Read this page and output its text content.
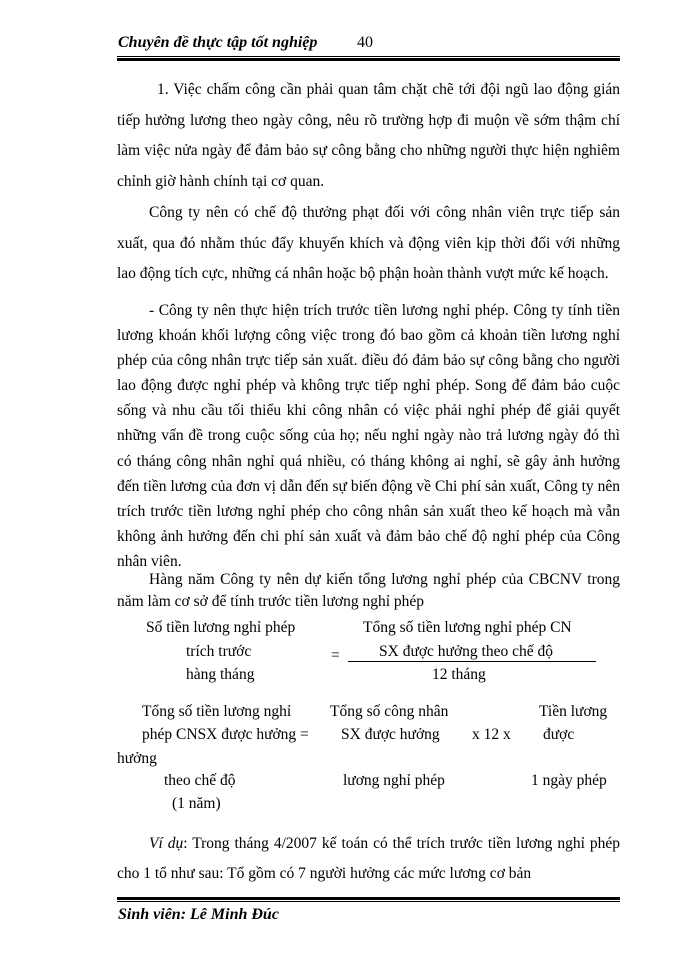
Chuyên đề thực tập tốt nghiệp 40
1. Việc chấm công cần phải quan tâm chặt chẽ tới đội ngũ lao động gián tiếp hưởng lương theo ngày công, nêu rõ trường hợp đi muộn về sớm thậm chí làm việc nửa ngày để đảm bảo sự công bằng cho những người thực hiện nghiêm chỉnh giờ hành chính tại cơ quan.
Công ty nên có chế độ thưởng phạt đối với công nhân viên trực tiếp sản xuất, qua đó nhằm thúc đẩy khuyến khích và động viên kịp thời đối với những lao động tích cực, những cá nhân hoặc bộ phận hoàn thành vượt mức kế hoạch.
- Công ty nên thực hiện trích trước tiền lương nghỉ phép. Công ty tính tiền lương khoán khối lượng công việc trong đó bao gồm cả khoản tiền lương nghỉ phép của công nhân trực tiếp sản xuất. điều đó đảm bảo sự công bằng cho người lao động được nghỉ phép và không trực tiếp nghỉ phép. Song để đảm bảo cuộc sống và nhu cầu tối thiểu khi công nhân có việc phải nghỉ phép để giải quyết những vấn đề trong cuộc sống của họ; nếu nghỉ ngày nào trả lương ngày đó thì có tháng công nhân nghỉ quá nhiều, có tháng không ai nghỉ, sẽ gây ảnh hưởng đến tiền lương của đơn vị dẫn đến sự biến động về Chi phí sản xuất, Công ty nên trích trước tiền lương nghỉ phép cho công nhân sản xuất theo kế hoạch mà vẫn không ảnh hưởng đến chi phí sản xuất và đảm bảo chế độ nghỉ phép của Công nhân viên.
Hàng năm Công ty nên dự kiến tổng lương nghỉ phép của CBCNV trong năm làm cơ sở để tính trước tiền lương nghỉ phép
Số tiền lương nghỉ phép
trích trước
hàng tháng
=
Tổng số tiền lương nghỉ phép CN
SX được hưởng theo chế độ
12 tháng
Tổng số tiền lương nghỉ
phép CNSX được hưởng =
hưởng
theo chế độ
(1 năm)
Tổng số công nhân
SX được hưởng
lương nghỉ phép
x 12 x
Tiền lương
được
1 ngày phép
Ví dụ: Trong tháng 4/2007 kế toán có thể trích trước tiền lương nghỉ phép cho 1 tổ như sau: Tổ gồm có 7 người hưởng các mức lương cơ bản
Sinh viên: Lê Minh Đúc
